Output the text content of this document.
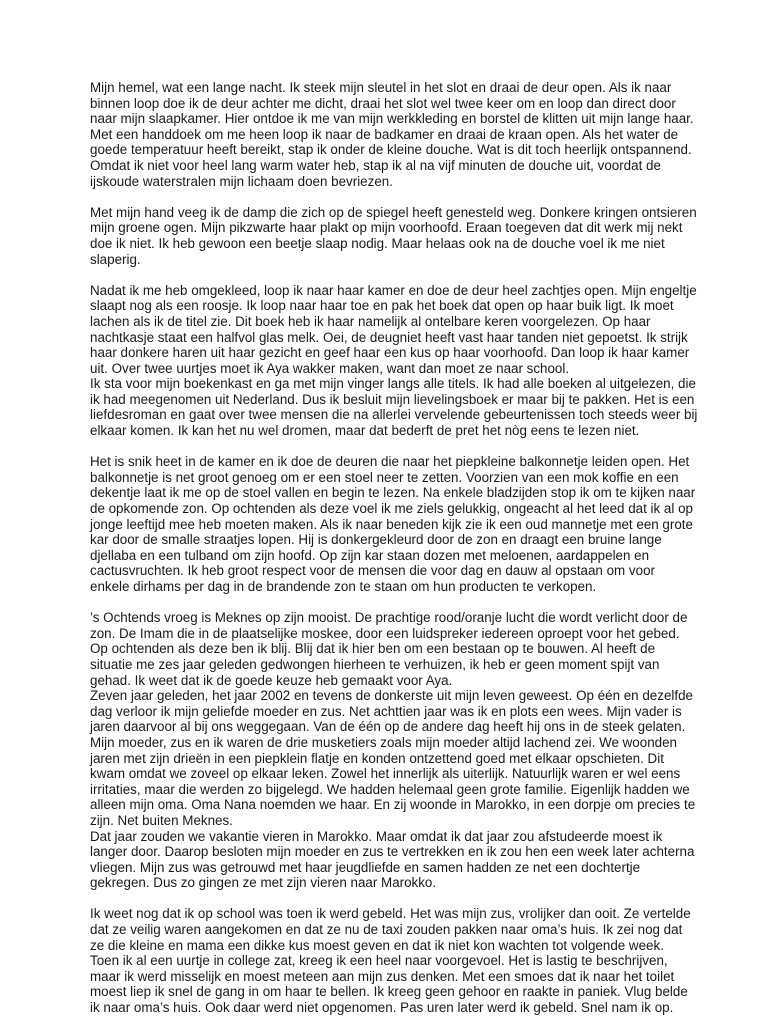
Mijn hemel, wat een lange nacht. Ik steek mijn sleutel in het slot en draai de deur open. Als ik naar
binnen loop doe ik de deur achter me dicht, draai het slot wel twee keer om en loop dan direct door
naar mijn slaapkamer. Hier ontdoe ik me van mijn werkkleding en borstel de klitten uit mijn lange haar.
Met een handdoek om me heen loop ik naar de badkamer en draai de kraan open. Als het water de
goede temperatuur heeft bereikt, stap ik onder de kleine douche. Wat is dit toch heerlijk ontspannend.
Omdat ik niet voor heel lang warm water heb, stap ik al na vijf minuten de douche uit, voordat de
ijskoude waterstralen mijn lichaam doen bevriezen.
Met mijn hand veeg ik de damp die zich op de spiegel heeft genesteld weg. Donkere kringen ontsieren
mijn groene ogen. Mijn pikzwarte haar plakt op mijn voorhoofd. Eraan toegeven dat dit werk mij nekt
doe ik niet. Ik heb gewoon een beetje slaap nodig. Maar helaas ook na de douche voel ik me niet
slaperig.
Nadat ik me heb omgekleed, loop ik naar haar kamer en doe de deur heel zachtjes open. Mijn engeltje
slaapt nog als een roosje. Ik loop naar haar toe en pak het boek dat open op haar buik ligt. Ik moet
lachen als ik de titel zie. Dit boek heb ik haar namelijk al ontelbare keren voorgelezen. Op haar
nachtkasje staat een halfvol glas melk. Oei, de deugniet heeft vast haar tanden niet gepoetst. Ik strijk
haar donkere haren uit haar gezicht en geef haar een kus op haar voorhoofd. Dan loop ik haar kamer
uit. Over twee uurtjes moet ik Aya wakker maken, want dan moet ze naar school.
Ik sta voor mijn boekenkast en ga met mijn vinger langs alle titels. Ik had alle boeken al uitgelezen, die
ik had meegenomen uit Nederland. Dus ik besluit mijn lievelingsboek er maar bij te pakken. Het is een
liefdesroman en gaat over twee mensen die na allerlei vervelende gebeurtenissen toch steeds weer bij
elkaar komen. Ik kan het nu wel dromen, maar dat bederft de pret het nòg eens te lezen niet.
Het is snik heet in de kamer en ik doe de deuren die naar het piepkleine balkonnetje leiden open. Het
balkonnetje is net groot genoeg om er een stoel neer te zetten. Voorzien van een mok koffie en een
dekentje laat ik me op de stoel vallen en begin te lezen. Na enkele bladzijden stop ik om te kijken naar
de opkomende zon. Op ochtenden als deze voel ik me ziels gelukkig, ongeacht al het leed dat ik al op
jonge leeftijd mee heb moeten maken. Als ik naar beneden kijk zie ik een oud mannetje met een grote
kar door de smalle straatjes lopen. Hij is donkergekleurd door de zon en draagt een bruine lange
djellaba en een tulband om zijn hoofd. Op zijn kar staan dozen met meloenen, aardappelen en
cactusvruchten. Ik heb groot respect voor de mensen die voor dag en dauw al opstaan om voor
enkele dirhams per dag in de brandende zon te staan om hun producten te verkopen.
’s Ochtends vroeg is Meknes op zijn mooist. De prachtige rood/oranje lucht die wordt verlicht door de
zon. De Imam die in de plaatselijke moskee, door een luidspreker iedereen oproept voor het gebed.
Op ochtenden als deze ben ik blij. Blij dat ik hier ben om een bestaan op te bouwen. Al heeft de
situatie me zes jaar geleden gedwongen hierheen te verhuizen, ik heb er geen moment spijt van
gehad. Ik weet dat ik de goede keuze heb gemaakt voor Aya.
Zeven jaar geleden, het jaar 2002 en tevens de donkerste uit mijn leven geweest. Op één en dezelfde
dag verloor ik mijn geliefde moeder en zus. Net achttien jaar was ik en plots een wees. Mijn vader is
jaren daarvoor al bij ons weggegaan. Van de één op de andere dag heeft hij ons in de steek gelaten.
Mijn moeder, zus en ik waren de drie musketiers zoals mijn moeder altijd lachend zei. We woonden
jaren met zijn drieën in een piepklein flatje en konden ontzettend goed met elkaar opschieten. Dit
kwam omdat we zoveel op elkaar leken. Zowel het innerlijk als uiterlijk. Natuurlijk waren er wel eens
irritaties, maar die werden zo bijgelegd. We hadden helemaal geen grote familie. Eigenlijk hadden we
alleen mijn oma. Oma Nana noemden we haar. En zij woonde in Marokko, in een dorpje om precies te
zijn. Net buiten Meknes.
Dat jaar zouden we vakantie vieren in Marokko. Maar omdat ik dat jaar zou afstudeerde moest ik
langer door. Daarop besloten mijn moeder en zus te vertrekken en ik zou hen een week later achterna
vliegen. Mijn zus was getrouwd met haar jeugdliefde en samen hadden ze net een dochtertje
gekregen. Dus zo gingen ze met zijn vieren naar Marokko.
Ik weet nog dat ik op school was toen ik werd gebeld. Het was mijn zus, vrolijker dan ooit. Ze vertelde
dat ze veilig waren aangekomen en dat ze nu de taxi zouden pakken naar oma’s huis. Ik zei nog dat
ze die kleine en mama een dikke kus moest geven en dat ik niet kon wachten tot volgende week.
Toen ik al een uurtje in college zat, kreeg ik een heel naar voorgevoel. Het is lastig te beschrijven,
maar ik werd misselijk en moest meteen aan mijn zus denken. Met een smoes dat ik naar het toilet
moest liep ik snel de gang in om haar te bellen. Ik kreeg geen gehoor en raakte in paniek. Vlug belde
ik naar oma’s huis. Ook daar werd niet opgenomen. Pas uren later werd ik gebeld. Snel nam ik op.
